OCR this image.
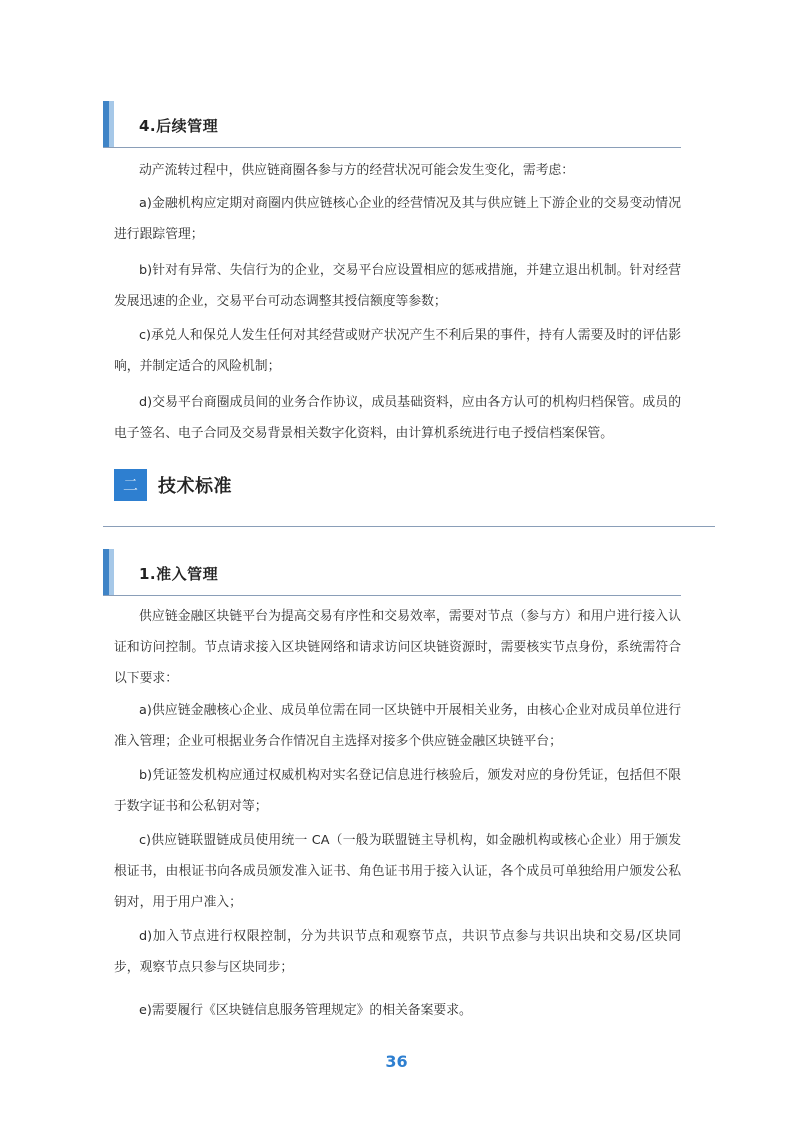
4.后续管理

动产流转过程中，供应链商圈各参与方的经营状况可能会发生变化，需考虑：

a)金融机构应定期对商圈内供应链核心企业的经营情况及其与供应链上下游企业的交易变动情况进行跟踪管理；

b)针对有异常、失信行为的企业，交易平台应设置相应的惩戒措施，并建立退出机制。针对经营发展迅速的企业，交易平台可动态调整其授信额度等参数；

c)承兑人和保兑人发生任何对其经营或财产状况产生不利后果的事件，持有人需要及时的评估影响，并制定适合的风险机制；

d)交易平台商圈成员间的业务合作协议，成员基础资料，应由各方认可的机构归档保管。成员的电子签名、电子合同及交易背景相关数字化资料，由计算机系统进行电子授信档案保管。

二	技术标准
1.准入管理

供应链金融区块链平台为提高交易有序性和交易效率，需要对节点（参与方）和用户进行接入认证和访问控制。节点请求接入区块链网络和请求访问区块链资源时，需要核实节点身份，系统需符合以下要求：

a)供应链金融核心企业、成员单位需在同一区块链中开展相关业务，由核心企业对成员单位进行准入管理；企业可根据业务合作情况自主选择对接多个供应链金融区块链平台；

b)凭证签发机构应通过权威机构对实名登记信息进行核验后，颁发对应的身份凭证，包括但不限于数字证书和公私钥对等；

c)供应链联盟链成员使用统一 CA（一般为联盟链主导机构，如金融机构或核心企业）用于颁发根证书，由根证书向各成员颁发准入证书、角色证书用于接入认证，各个成员可单独给用户颁发公私钥对，用于用户准入；

d)加入节点进行权限控制，分为共识节点和观察节点，共识节点参与共识出块和交易/区块同步，观察节点只参与区块同步；

e)需要履行《区块链信息服务管理规定》的相关备案要求。

36
